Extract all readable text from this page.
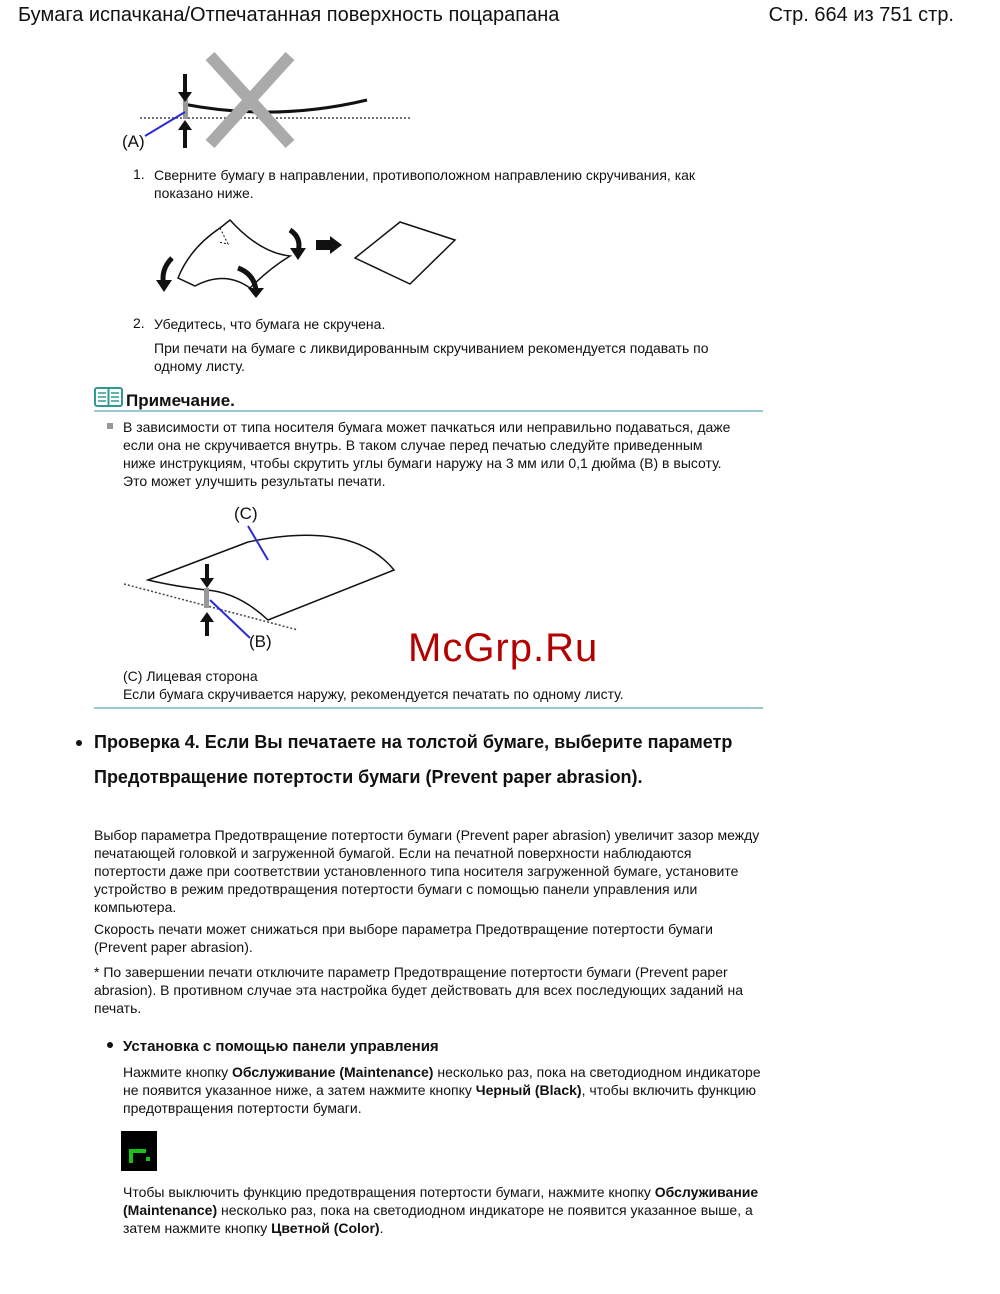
Бумага испачкана/Отпечатанная поверхность поцарапана	Стр. 664 из 751 стр.
(A)
1. Сверните бумагу в направлении, противоположном направлению скручивания, как показано ниже.
2. Убедитесь, что бумага не скручена.
При печати на бумаге с ликвидированным скручиванием рекомендуется подавать по одному листу.
Примечание.
В зависимости от типа носителя бумага может пачкаться или неправильно подаваться, даже если она не скручивается внутрь. В таком случае перед печатью следуйте приведенным ниже инструкциям, чтобы скрутить углы бумаги наружу на 3 мм или 0,1 дюйма (B) в высоту. Это может улучшить результаты печати.
(C)
(B)	McGrp.Ru
(C) Лицевая сторона
Если бумага скручивается наружу, рекомендуется печатать по одному листу.
Проверка 4. Если Вы печатаете на толстой бумаге, выберите параметр Предотвращение потертости бумаги (Prevent paper abrasion).
Выбор параметра Предотвращение потертости бумаги (Prevent paper abrasion) увеличит зазор между печатающей головкой и загруженной бумагой. Если на печатной поверхности наблюдаются потертости даже при соответствии установленного типа носителя загруженной бумаге, установите устройство в режим предотвращения потертости бумаги с помощью панели управления или компьютера.
Скорость печати может снижаться при выборе параметра Предотвращение потертости бумаги (Prevent paper abrasion).
* По завершении печати отключите параметр Предотвращение потертости бумаги (Prevent paper abrasion). В противном случае эта настройка будет действовать для всех последующих заданий на печать.
Установка с помощью панели управления
Нажмите кнопку Обслуживание (Maintenance) несколько раз, пока на светодиодном индикаторе не появится указанное ниже, а затем нажмите кнопку Черный (Black), чтобы включить функцию предотвращения потертости бумаги.
Чтобы выключить функцию предотвращения потертости бумаги, нажмите кнопку Обслуживание (Maintenance) несколько раз, пока на светодиодном индикаторе не появится указанное выше, а затем нажмите кнопку Цветной (Color).
